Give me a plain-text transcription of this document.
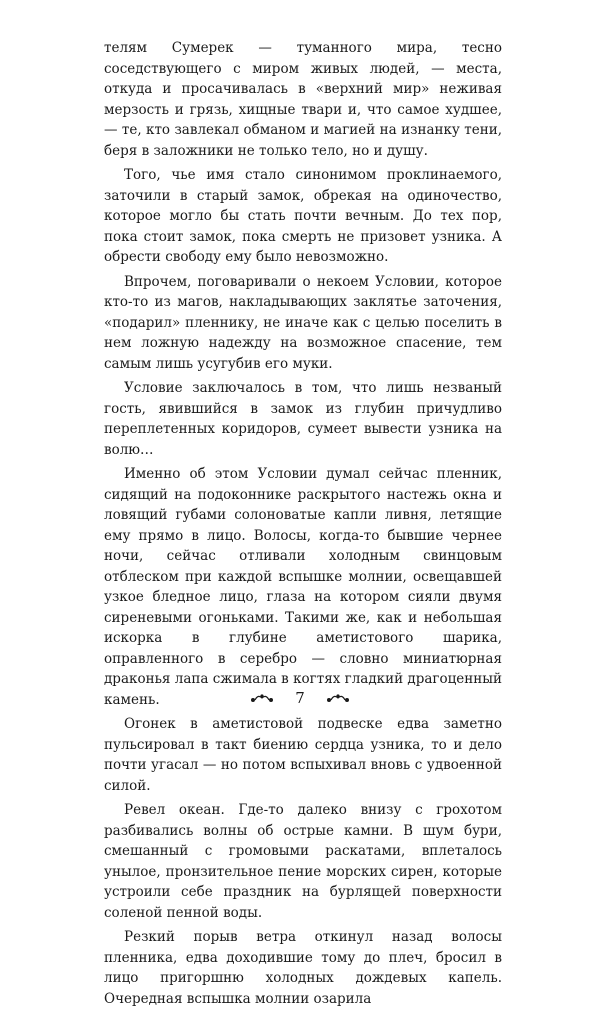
телям Сумерек — туманного мира, тесно соседствующего с миром живых людей, — места, откуда и просачивалась в «верхний мир» неживая мерзость и грязь, хищные твари и, что самое худшее, — те, кто завлекал обманом и магией на изнанку тени, беря в заложники не только тело, но и душу.

Того, чье имя стало синонимом проклинаемого, заточили в старый замок, обрекая на одиночество, которое могло бы стать почти вечным. До тех пор, пока стоит замок, пока смерть не призовет узника. А обрести свободу ему было невозможно.

Впрочем, поговаривали о некоем Условии, которое кто-то из магов, накладывающих заклятье заточения, «подарил» пленнику, не иначе как с целью поселить в нем ложную надежду на возможное спасение, тем самым лишь усугубив его муки.

Условие заключалось в том, что лишь незваный гость, явившийся в замок из глубин причудливо переплетенных коридоров, сумеет вывести узника на волю…

Именно об этом Условии думал сейчас пленник, сидящий на подоконнике раскрытого настежь окна и ловящий губами солоноватые капли ливня, летящие ему прямо в лицо. Волосы, когда-то бывшие чернее ночи, сейчас отливали холодным свинцовым отблеском при каждой вспышке молнии, освещавшей узкое бледное лицо, глаза на котором сияли двумя сиреневыми огоньками. Такими же, как и небольшая искорка в глубине аметистового шарика, оправленного в серебро — словно миниатюрная драконья лапа сжимала в когтях гладкий драгоценный камень.

Огонек в аметистовой подвеске едва заметно пульсировал в такт биению сердца узника, то и дело почти угасал — но потом вспыхивал вновь с удвоенной силой.

Ревел океан. Где-то далеко внизу с грохотом разбивались волны об острые камни. В шум бури, смешанный с громовыми раскатами, вплеталось унылое, пронзительное пение морских сирен, которые устроили себе праздник на бурлящей поверхности соленой пенной воды.

Резкий порыв ветра откинул назад волосы пленника, едва доходившие тому до плеч, бросил в лицо пригоршню холодных дождевых капель. Очередная вспышка молнии озарила

7
